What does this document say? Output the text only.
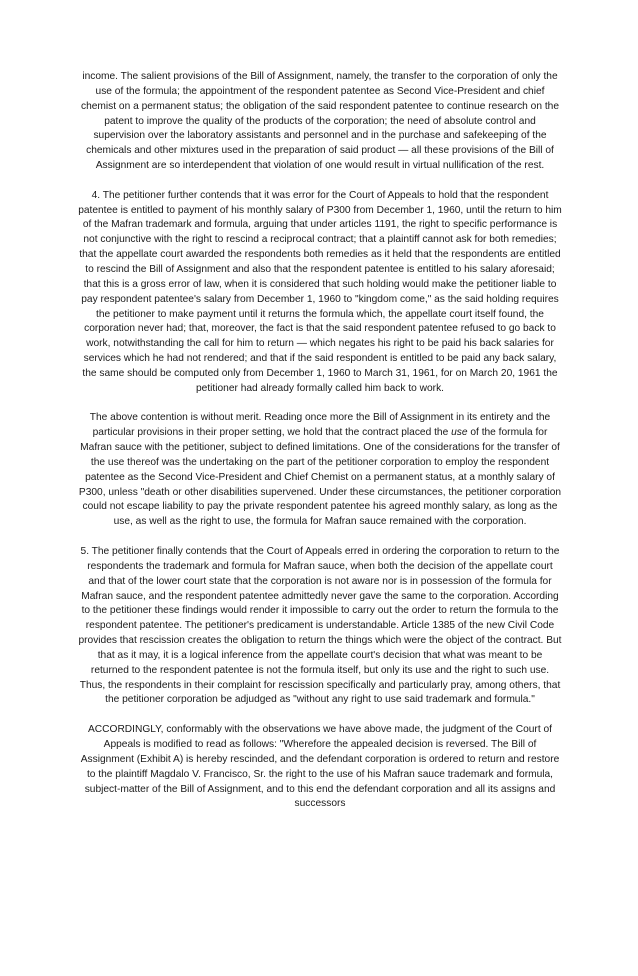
income. The salient provisions of the Bill of Assignment, namely, the transfer to the corporation of only the use of the formula; the appointment of the respondent patentee as Second Vice-President and chief chemist on a permanent status; the obligation of the said respondent patentee to continue research on the patent to improve the quality of the products of the corporation; the need of absolute control and supervision over the laboratory assistants and personnel and in the purchase and safekeeping of the chemicals and other mixtures used in the preparation of said product — all these provisions of the Bill of Assignment are so interdependent that violation of one would result in virtual nullification of the rest.

4. The petitioner further contends that it was error for the Court of Appeals to hold that the respondent patentee is entitled to payment of his monthly salary of P300 from December 1, 1960, until the return to him of the Mafran trademark and formula, arguing that under articles 1191, the right to specific performance is not conjunctive with the right to rescind a reciprocal contract; that a plaintiff cannot ask for both remedies; that the appellate court awarded the respondents both remedies as it held that the respondents are entitled to rescind the Bill of Assignment and also that the respondent patentee is entitled to his salary aforesaid; that this is a gross error of law, when it is considered that such holding would make the petitioner liable to pay respondent patentee's salary from December 1, 1960 to "kingdom come," as the said holding requires the petitioner to make payment until it returns the formula which, the appellate court itself found, the corporation never had; that, moreover, the fact is that the said respondent patentee refused to go back to work, notwithstanding the call for him to return — which negates his right to be paid his back salaries for services which he had not rendered; and that if the said respondent is entitled to be paid any back salary, the same should be computed only from December 1, 1960 to March 31, 1961, for on March 20, 1961 the petitioner had already formally called him back to work.

The above contention is without merit. Reading once more the Bill of Assignment in its entirety and the particular provisions in their proper setting, we hold that the contract placed the use of the formula for Mafran sauce with the petitioner, subject to defined limitations. One of the considerations for the transfer of the use thereof was the undertaking on the part of the petitioner corporation to employ the respondent patentee as the Second Vice-President and Chief Chemist on a permanent status, at a monthly salary of P300, unless "death or other disabilities supervened. Under these circumstances, the petitioner corporation could not escape liability to pay the private respondent patentee his agreed monthly salary, as long as the use, as well as the right to use, the formula for Mafran sauce remained with the corporation.

5. The petitioner finally contends that the Court of Appeals erred in ordering the corporation to return to the respondents the trademark and formula for Mafran sauce, when both the decision of the appellate court and that of the lower court state that the corporation is not aware nor is in possession of the formula for Mafran sauce, and the respondent patentee admittedly never gave the same to the corporation. According to the petitioner these findings would render it impossible to carry out the order to return the formula to the respondent patentee. The petitioner's predicament is understandable. Article 1385 of the new Civil Code provides that rescission creates the obligation to return the things which were the object of the contract. But that as it may, it is a logical inference from the appellate court's decision that what was meant to be returned to the respondent patentee is not the formula itself, but only its use and the right to such use. Thus, the respondents in their complaint for rescission specifically and particularly pray, among others, that the petitioner corporation be adjudged as "without any right to use said trademark and formula."

ACCORDINGLY, conformably with the observations we have above made, the judgment of the Court of Appeals is modified to read as follows: "Wherefore the appealed decision is reversed. The Bill of Assignment (Exhibit A) is hereby rescinded, and the defendant corporation is ordered to return and restore to the plaintiff Magdalo V. Francisco, Sr. the right to the use of his Mafran sauce trademark and formula, subject-matter of the Bill of Assignment, and to this end the defendant corporation and all its assigns and successors
